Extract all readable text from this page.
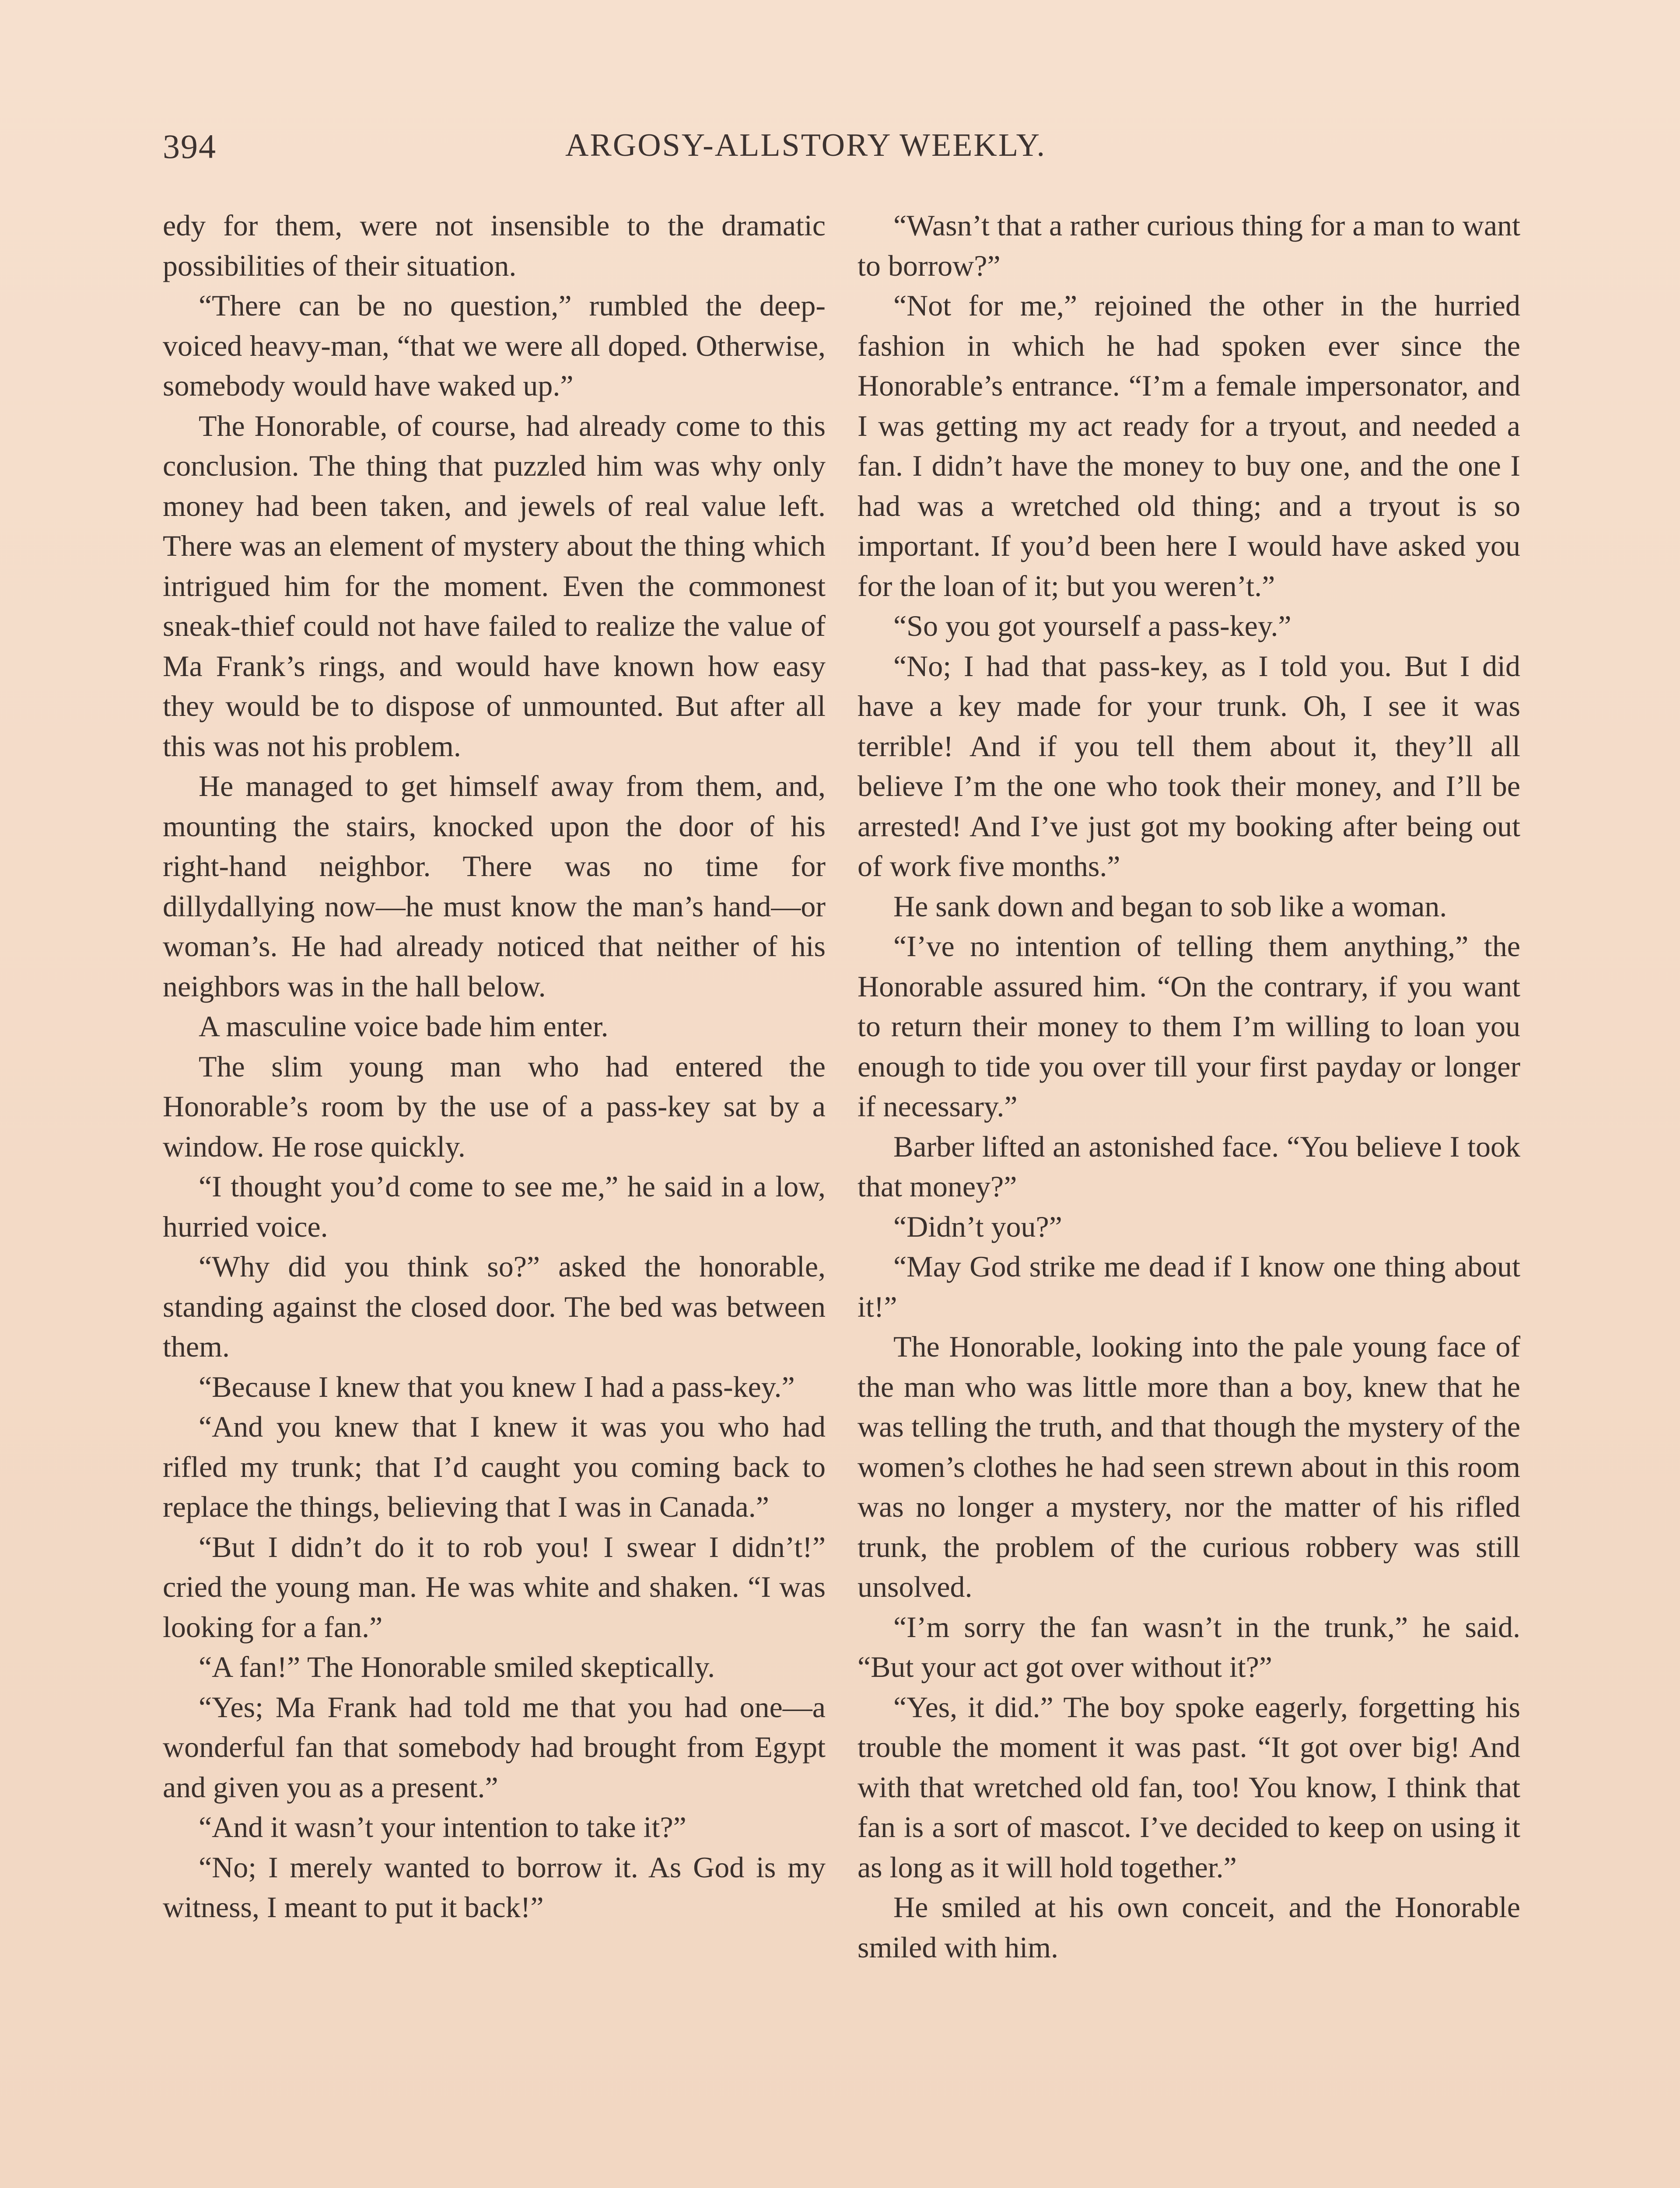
394	ARGOSY-ALLSTORY WEEKLY.

edy for them, were not insensible to the dramatic possibilities of their situation.

“There can be no question,” rumbled the deep-voiced heavy-man, “that we were all doped. Otherwise, somebody would have waked up.”

The Honorable, of course, had already come to this conclusion. The thing that puzzled him was why only money had been taken, and jewels of real value left. There was an element of mystery about the thing which intrigued him for the moment. Even the commonest sneak-thief could not have failed to realize the value of Ma Frank’s rings, and would have known how easy they would be to dispose of unmounted. But after all this was not his problem.

He managed to get himself away from them, and, mounting the stairs, knocked upon the door of his right-hand neighbor. There was no time for dillydallying now—he must know the man’s hand—or woman’s. He had already noticed that neither of his neighbors was in the hall below.

A masculine voice bade him enter.

The slim young man who had entered the Honorable’s room by the use of a pass-key sat by a window. He rose quickly.

“I thought you’d come to see me,” he said in a low, hurried voice.

“Why did you think so?” asked the honorable, standing against the closed door. The bed was between them.

“Because I knew that you knew I had a pass-key.”

“And you knew that I knew it was you who had rifled my trunk; that I’d caught you coming back to replace the things, believing that I was in Canada.”

“But I didn’t do it to rob you! I swear I didn’t!” cried the young man. He was white and shaken. “I was looking for a fan.”

“A fan!” The Honorable smiled skeptically.

“Yes; Ma Frank had told me that you had one—a wonderful fan that somebody had brought from Egypt and given you as a present.”

“And it wasn’t your intention to take it?”

“No; I merely wanted to borrow it. As God is my witness, I meant to put it back!”

“Wasn’t that a rather curious thing for a man to want to borrow?”

“Not for me,” rejoined the other in the hurried fashion in which he had spoken ever since the Honorable’s entrance. “I’m a female impersonator, and I was getting my act ready for a tryout, and needed a fan. I didn’t have the money to buy one, and the one I had was a wretched old thing; and a tryout is so important. If you’d been here I would have asked you for the loan of it; but you weren’t.”

“So you got yourself a pass-key.”

“No; I had that pass-key, as I told you. But I did have a key made for your trunk. Oh, I see it was terrible! And if you tell them about it, they’ll all believe I’m the one who took their money, and I’ll be arrested! And I’ve just got my booking after being out of work five months.”

He sank down and began to sob like a woman.

“I’ve no intention of telling them anything,” the Honorable assured him. “On the contrary, if you want to return their money to them I’m willing to loan you enough to tide you over till your first payday or longer if necessary.”

Barber lifted an astonished face. “You believe I took that money?”

“Didn’t you?”

“May God strike me dead if I know one thing about it!”

The Honorable, looking into the pale young face of the man who was little more than a boy, knew that he was telling the truth, and that though the mystery of the women’s clothes he had seen strewn about in this room was no longer a mystery, nor the matter of his rifled trunk, the problem of the curious robbery was still unsolved.

“I’m sorry the fan wasn’t in the trunk,” he said. “But your act got over without it?”

“Yes, it did.” The boy spoke eagerly, forgetting his trouble the moment it was past. “It got over big! And with that wretched old fan, too! You know, I think that fan is a sort of mascot. I’ve decided to keep on using it as long as it will hold together.”

He smiled at his own conceit, and the Honorable smiled with him.
